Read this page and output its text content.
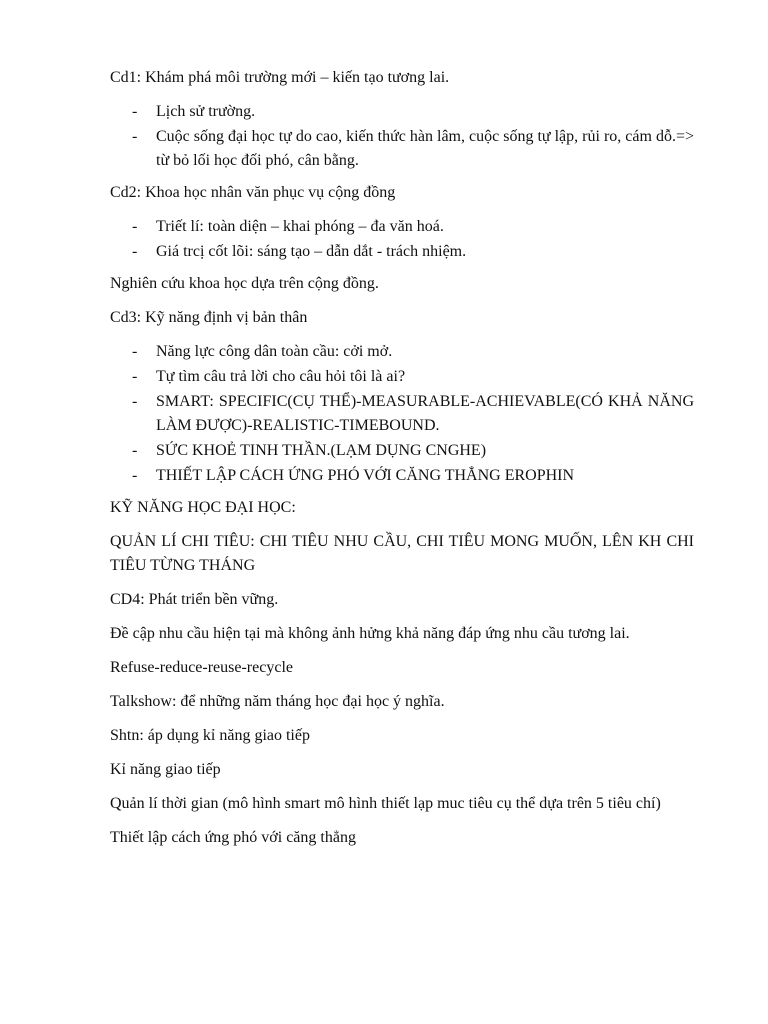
Cd1: Khám phá môi trường mới – kiến tạo tương lai.

- Lịch sử trường.
- Cuộc sống đại học tự do cao, kiến thức hàn lâm, cuộc sống tự lập, rủi ro, cám dỗ.=> từ bỏ lối học đối phó, cân bằng.

Cd2: Khoa học nhân văn phục vụ cộng đồng

- Triết lí: toàn diện – khai phóng – đa văn hoá.
- Giá trcị cốt lõi: sáng tạo – dẫn dắt - trách nhiệm.

Nghiên cứu khoa học dựa trên cộng đồng.

Cd3: Kỹ năng định vị bản thân

- Năng lực công dân toàn cầu: cởi mở.
- Tự tìm câu trả lời cho câu hỏi tôi là ai?
- SMART: SPECIFIC(CỤ THỂ)-MEASURABLE-ACHIEVABLE(CÓ KHẢ NĂNG LÀM ĐƯỢC)-REALISTIC-TIMEBOUND.
- SỨC KHOẺ TINH THẦN.(LẠM DỤNG CNGHE)
- THIẾT LẬP CÁCH ỨNG PHÓ VỚI CĂNG THẲNG EROPHIN

KỸ NĂNG HỌC ĐẠI HỌC:

QUẢN LÍ CHI TIÊU: CHI TIÊU NHU CẦU, CHI TIÊU MONG MUỐN, LÊN KH CHI TIÊU TỪNG THÁNG

CD4: Phát triển bền vững.

Đề cập nhu cầu hiện tại mà không ảnh hửng khả năng đáp ứng nhu cầu tương lai.

Refuse-reduce-reuse-recycle

Talkshow: để những năm tháng học đại học ý nghĩa.

Shtn: áp dụng kỉ năng giao tiếp

Kỉ năng giao tiếp

Quản lí thời gian (mô hình smart mô hình thiết lạp muc tiêu cụ thể dựa trên 5 tiêu chí)

Thiết lập cách ứng phó với căng thẳng
